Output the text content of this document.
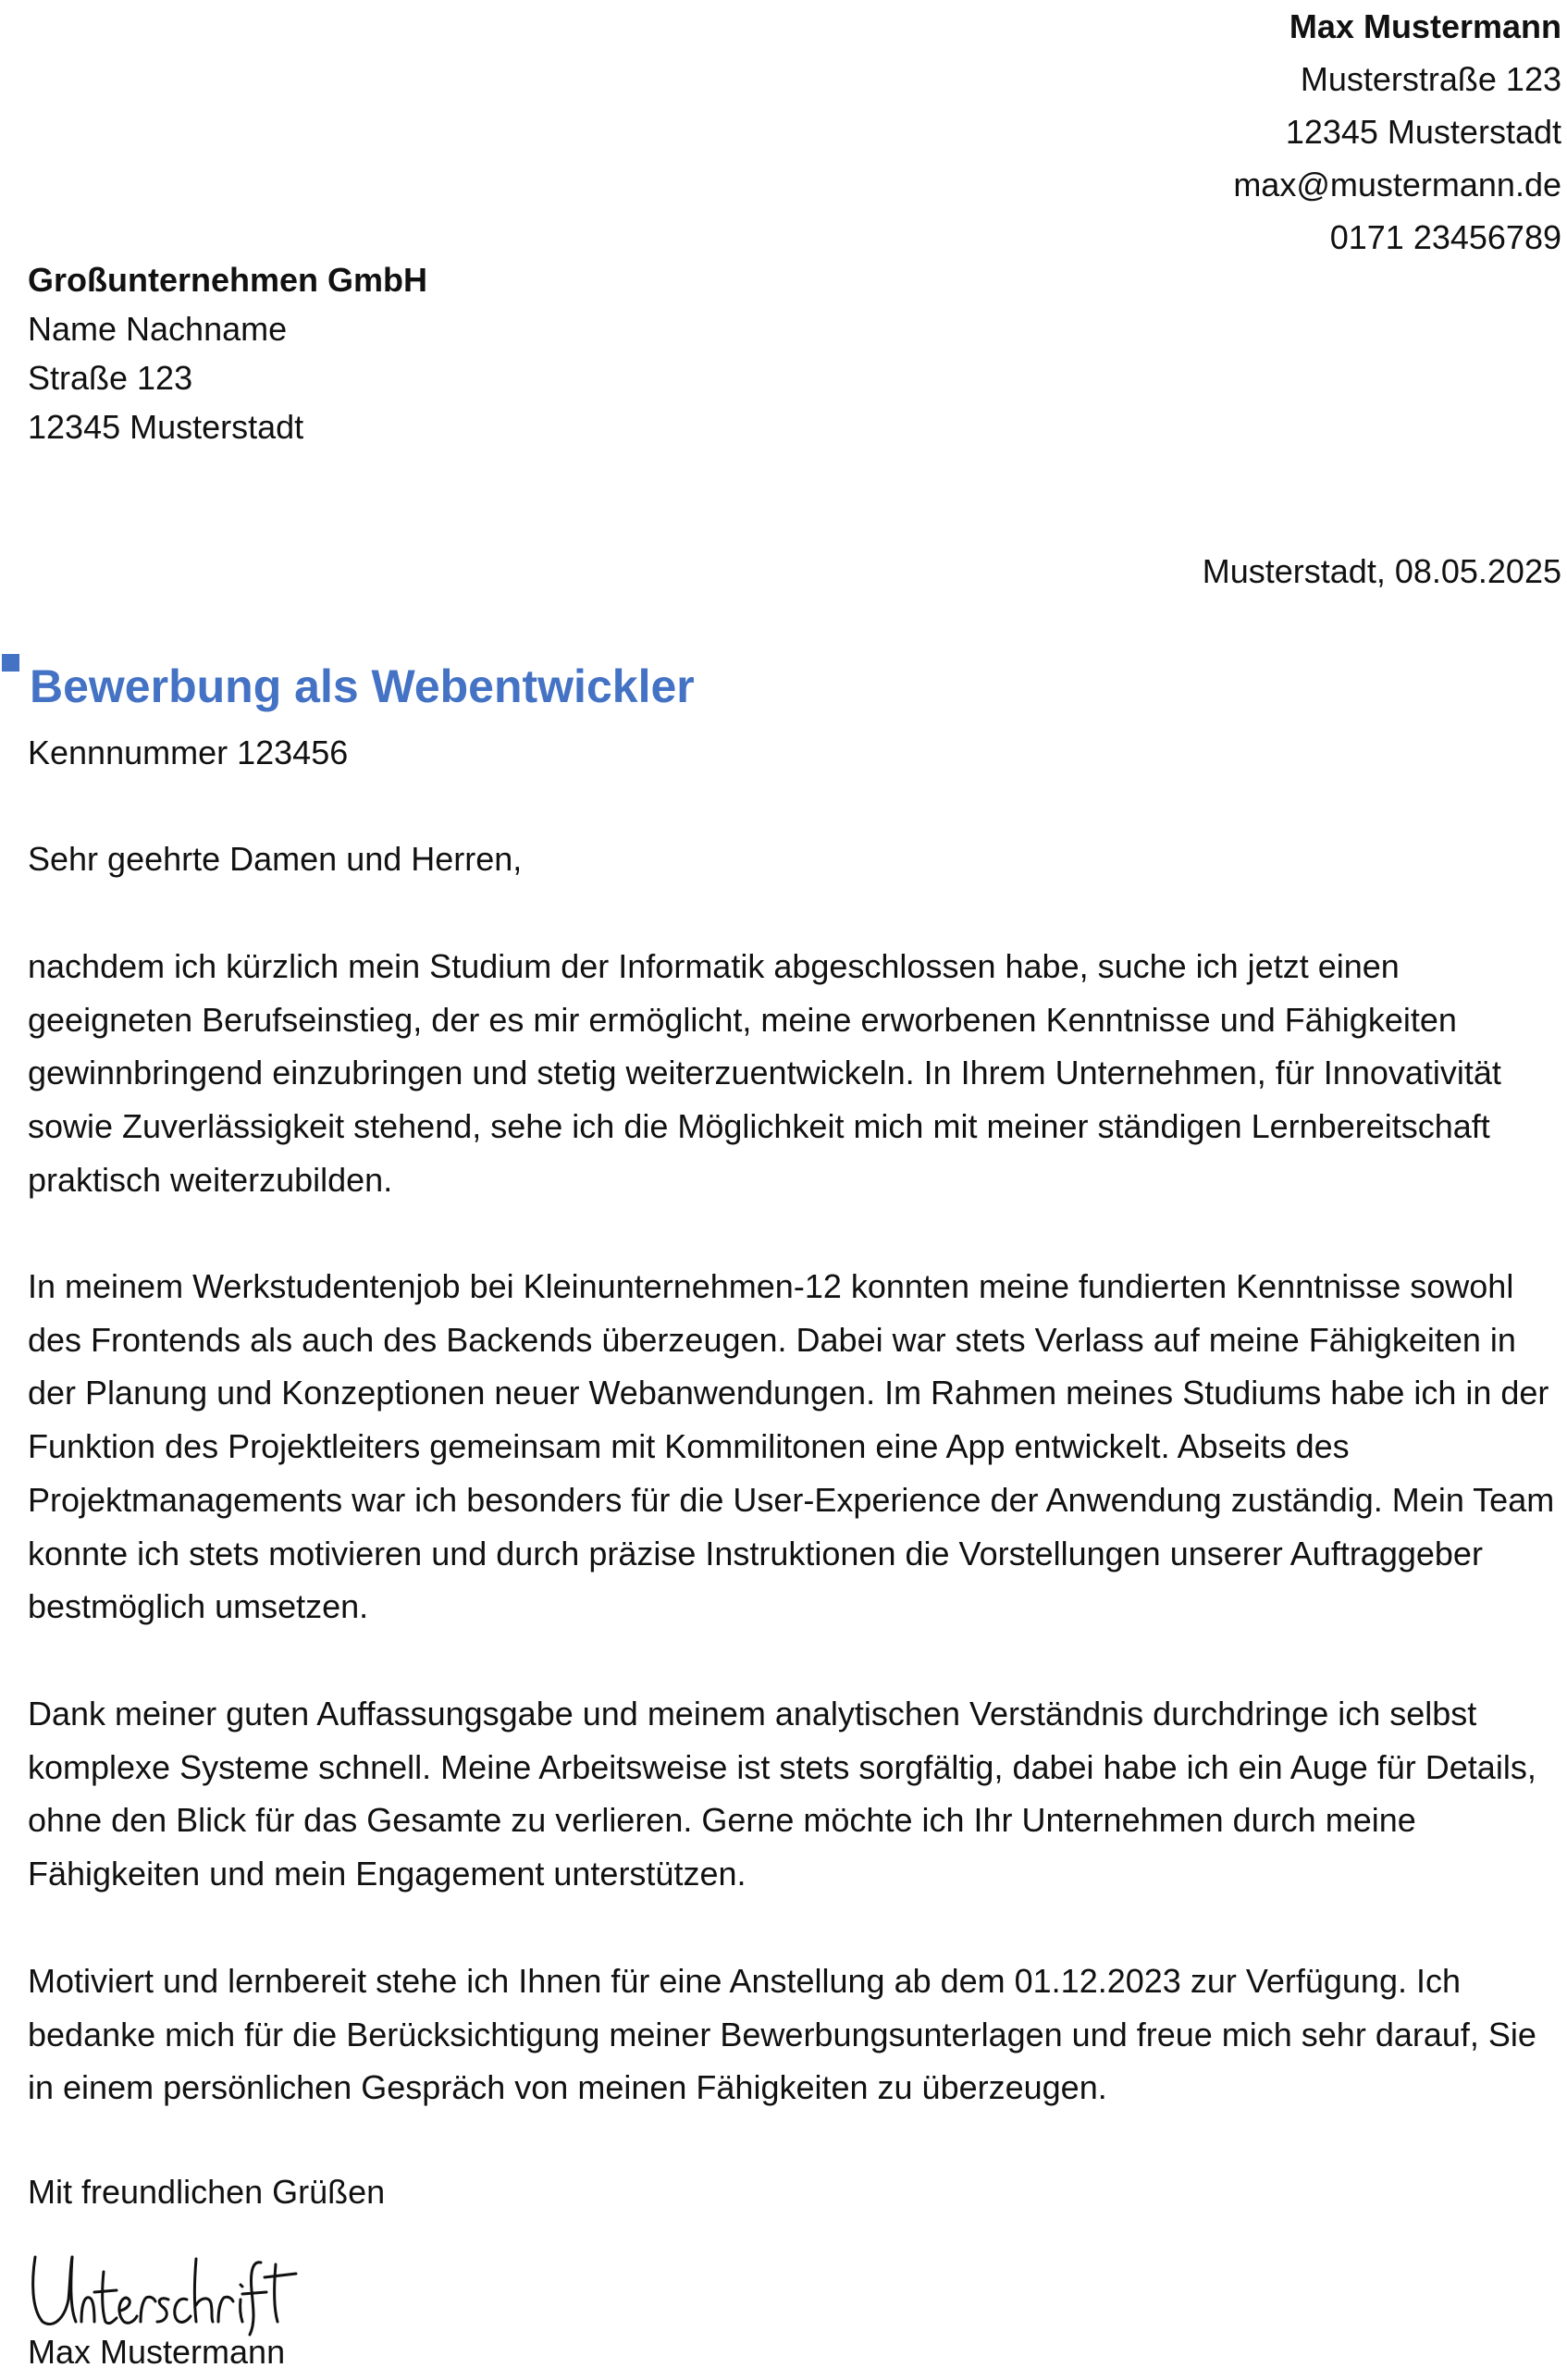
Max Mustermann
Musterstraße 123
12345 Musterstadt
max@mustermann.de
0171 23456789
Großunternehmen GmbH
Name Nachname
Straße 123
12345 Musterstadt
Musterstadt, 08.05.2025
Bewerbung als Webentwickler
Kennnummer 123456
Sehr geehrte Damen und Herren,

nachdem ich kürzlich mein Studium der Informatik abgeschlossen habe, suche ich jetzt einen geeigneten Berufseinstieg, der es mir ermöglicht, meine erworbenen Kenntnisse und Fähigkeiten gewinnbringend einzubringen und stetig weiterzuentwickeln. In Ihrem Unternehmen, für Innovativität sowie Zuverlässigkeit stehend, sehe ich die Möglichkeit mich mit meiner ständigen Lernbereitschaft praktisch weiterzubilden.

In meinem Werkstudentenjob bei Kleinunternehmen-12 konnten meine fundierten Kenntnisse sowohl des Frontends als auch des Backends überzeugen. Dabei war stets Verlass auf meine Fähigkeiten in der Planung und Konzeptionen neuer Webanwendungen. Im Rahmen meines Studiums habe ich in der Funktion des Projektleiters gemeinsam mit Kommilitonen eine App entwickelt. Abseits des Projektmanagements war ich besonders für die User-Experience der Anwendung zuständig. Mein Team konnte ich stets motivieren und durch präzise Instruktionen die Vorstellungen unserer Auftraggeber bestmöglich umsetzen.

Dank meiner guten Auffassungsgabe und meinem analytischen Verständnis durchdringe ich selbst komplexe Systeme schnell. Meine Arbeitsweise ist stets sorgfältig, dabei habe ich ein Auge für Details, ohne den Blick für das Gesamte zu verlieren. Gerne möchte ich Ihr Unternehmen durch meine Fähigkeiten und mein Engagement unterstützen.

Motiviert und lernbereit stehe ich Ihnen für eine Anstellung ab dem 01.12.2023 zur Verfügung. Ich bedanke mich für die Berücksichtigung meiner Bewerbungsunterlagen und freue mich sehr darauf, Sie in einem persönlichen Gespräch von meinen Fähigkeiten zu überzeugen.

Mit freundlichen Grüßen
Max Mustermann
